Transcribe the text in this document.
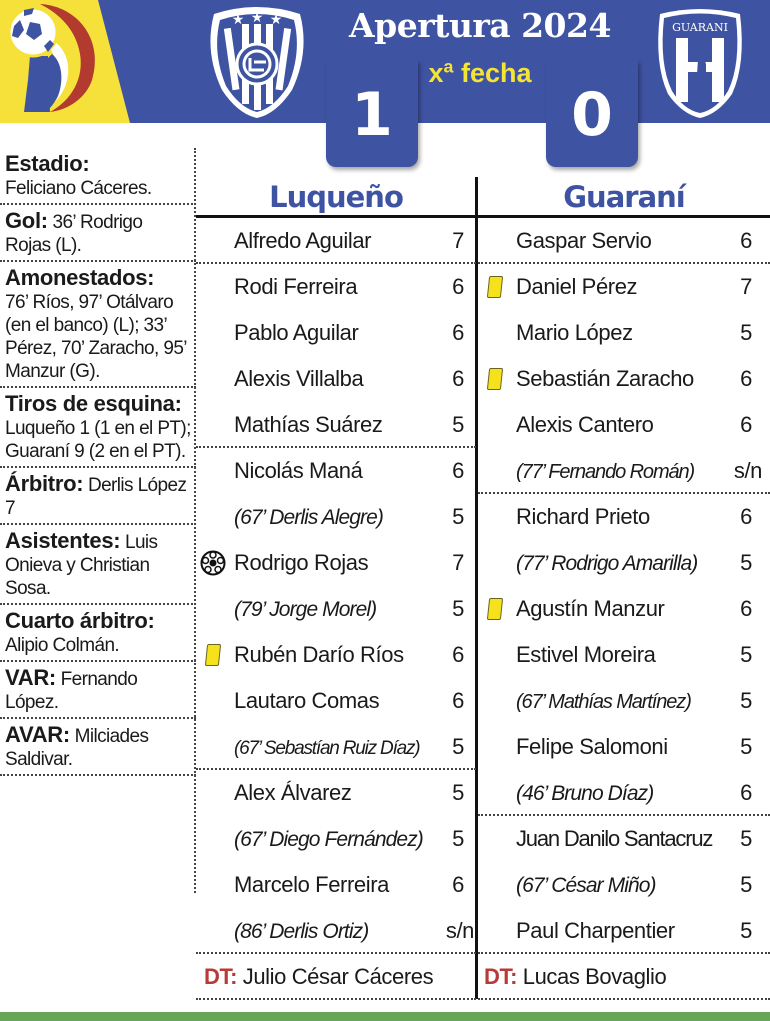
★ ★ ★	Apertura 2024
xª fecha
GUARANI
1	0
Estadio:
Feliciano Cáceres.
Gol: 36’ Rodrigo Rojas (L).
Amonestados:
76’ Ríos, 97’ Otálvaro (en el banco) (L); 33’ Pérez, 70’ Zaracho, 95’ Manzur (G).
Tiros de esquina:
Luqueño 1 (1 en el PT); Guaraní 9 (2 en el PT).
Árbitro: Derlis López 7
Asistentes: Luis Onieva y Christian Sosa.
Cuarto árbitro:
Alipio Colmán.
VAR: Fernando López.
AVAR: Milciades Saldivar.
Luqueño
Alfredo Aguilar	7
Rodi Ferreira	6
Pablo Aguilar	6
Alexis Villalba	6
Mathías Suárez	5
Nicolás Maná	6
(67’ Derlis Alegre)	5
Rodrigo Rojas	7
(79’ Jorge Morel)	5
Rubén Darío Ríos 6
Lautaro Comas	6
(67’ Sebastían Ruiz Díaz) 5
Alex Álvarez	5
(67’ Diego Fernández) 5
Marcelo Ferreira	6
(86’ Derlis Ortiz)	s/n
DT: Julio César Cáceres
Guaraní
Gaspar Servio	6
Daniel Pérez	7
Mario López	5
Sebastián Zaracho 6
Alexis Cantero	6
(77’ Fernando Román) s/n
Richard Prieto	6
(77’ Rodrigo Amarilla) 5
Agustín Manzur	6
Estivel Moreira	5
(67’ Mathías Martínez) 5
Felipe Salomoni	5
(46’ Bruno Díaz)	6
Juan Danilo Santacruz 5
(67’ César Miño)	5
Paul Charpentier	5
DT: Lucas Bovaglio
